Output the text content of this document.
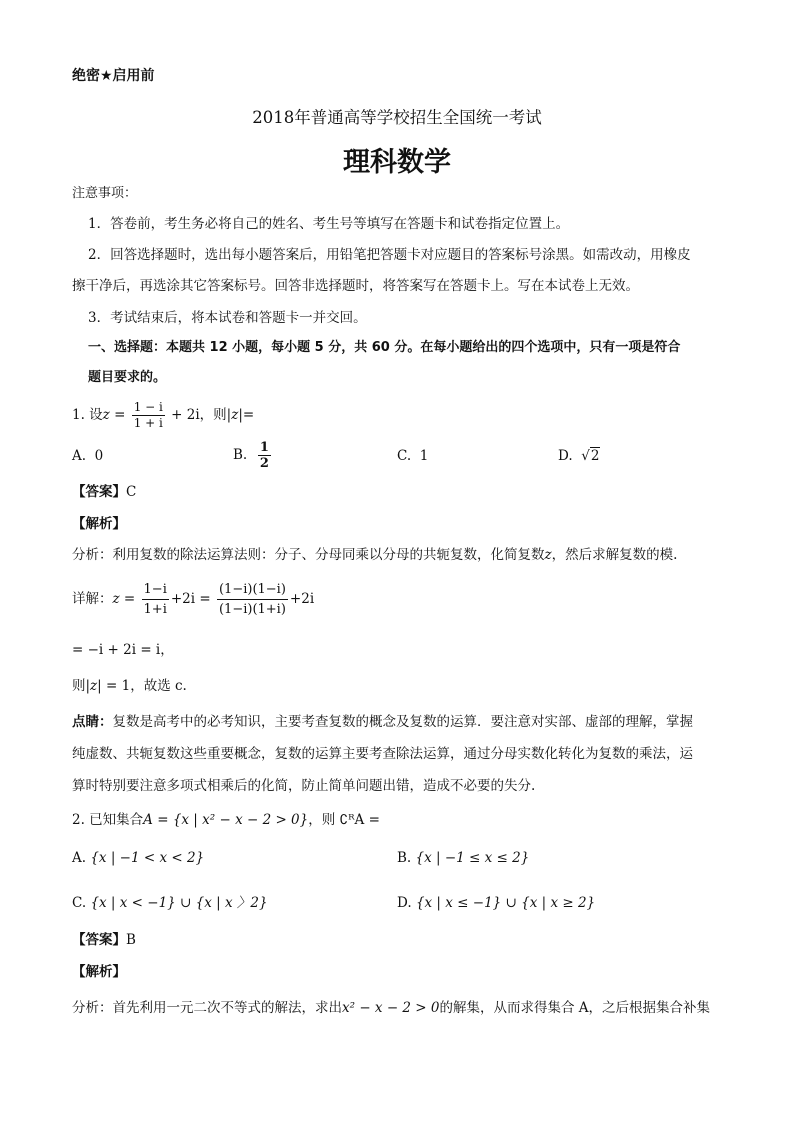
绝密★启用前
2018年普通高等学校招生全国统一考试
理科数学
注意事项：
1．答卷前，考生务必将自己的姓名、考生号等填写在答题卡和试卷指定位置上。
2．回答选择题时，选出每小题答案后，用铅笔把答题卡对应题目的答案标号涂黑。如需改动，用橡皮
擦干净后，再选涂其它答案标号。回答非选择题时，将答案写在答题卡上。写在本试卷上无效。
3．考试结束后，将本试卷和答题卡一并交回。
一、选择题：本题共 12 小题，每小题 5 分，共 60 分。在每小题给出的四个选项中，只有一项是符合
题目要求的。
1. 设$z = \frac{1 - i}{1 + i} + 2i$，则|z|=
A. 0	B. $\frac{1}{2}$	C. 1	D. √2
【答案】C
【解析】
分析：利用复数的除法运算法则：分子、分母同乘以分母的共轭复数，化简复数z，然后求解复数的模.
详解：$z = \frac{1-i}{1+i} +2i = \frac{(1-i)(1-i)}{(1-i)(1+i)} +2i$
= −i + 2i = i，
则|z| = 1，故选 c.
点睛：复数是高考中的必考知识，主要考查复数的概念及复数的运算．要注意对实部、虚部的理解，掌握
纯虚数、共轭复数这些重要概念，复数的运算主要考查除法运算，通过分母实数化转化为复数的乘法，运
算时特别要注意多项式相乘后的化简，防止简单问题出错，造成不必要的失分.
2. 已知集合A = {x | x² − x − 2 > 0}，则 ∁ᴿA =
A. {x | −1 < x < 2}	B. {x | −1 ≤ x ≤ 2}
C. {x | x < −1} ∪ {x | x 〉2}	D. {x | x ≤ −1} ∪ {x | x ≥ 2}
【答案】B
【解析】
分析：首先利用一元二次不等式的解法，求出x² − x − 2 > 0的解集，从而求得集合 A，之后根据集合补集
